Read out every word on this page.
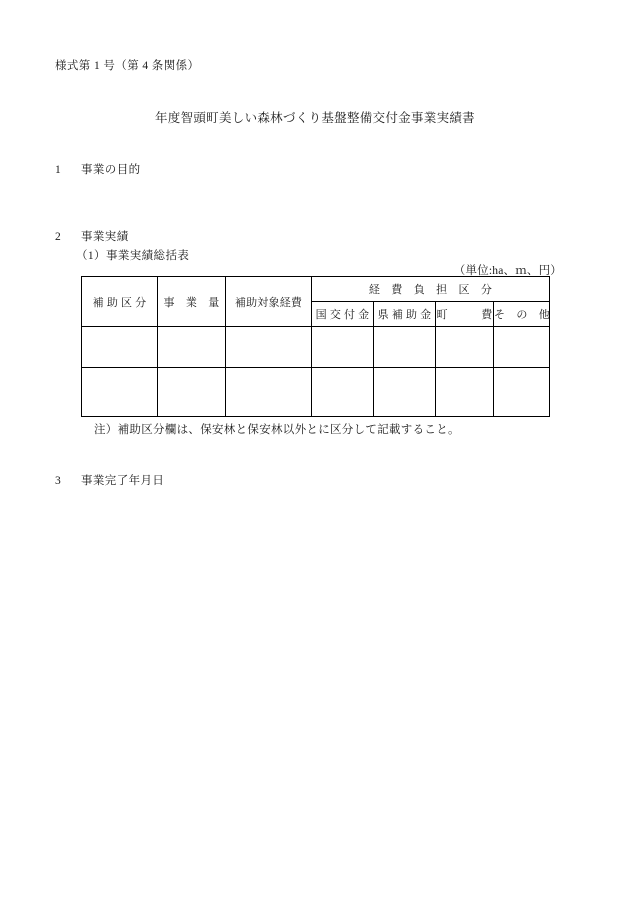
様式第 1 号（第 4 条関係）
年度智頭町美しい森林づくり基盤整備交付金事業実績書
1 事業の目的
2 事業実績
（1）事業実績総括表
（単位:ha、ｍ、円）
補 助 区 分	事　業　量	補助対象経費	経　費　負　担　区　分			
			国 交 付 金	県 補 助 金	町　　　費	そ　の　他

注）補助区分欄は、保安林と保安林以外とに区分して記載すること。
3 事業完了年月日
